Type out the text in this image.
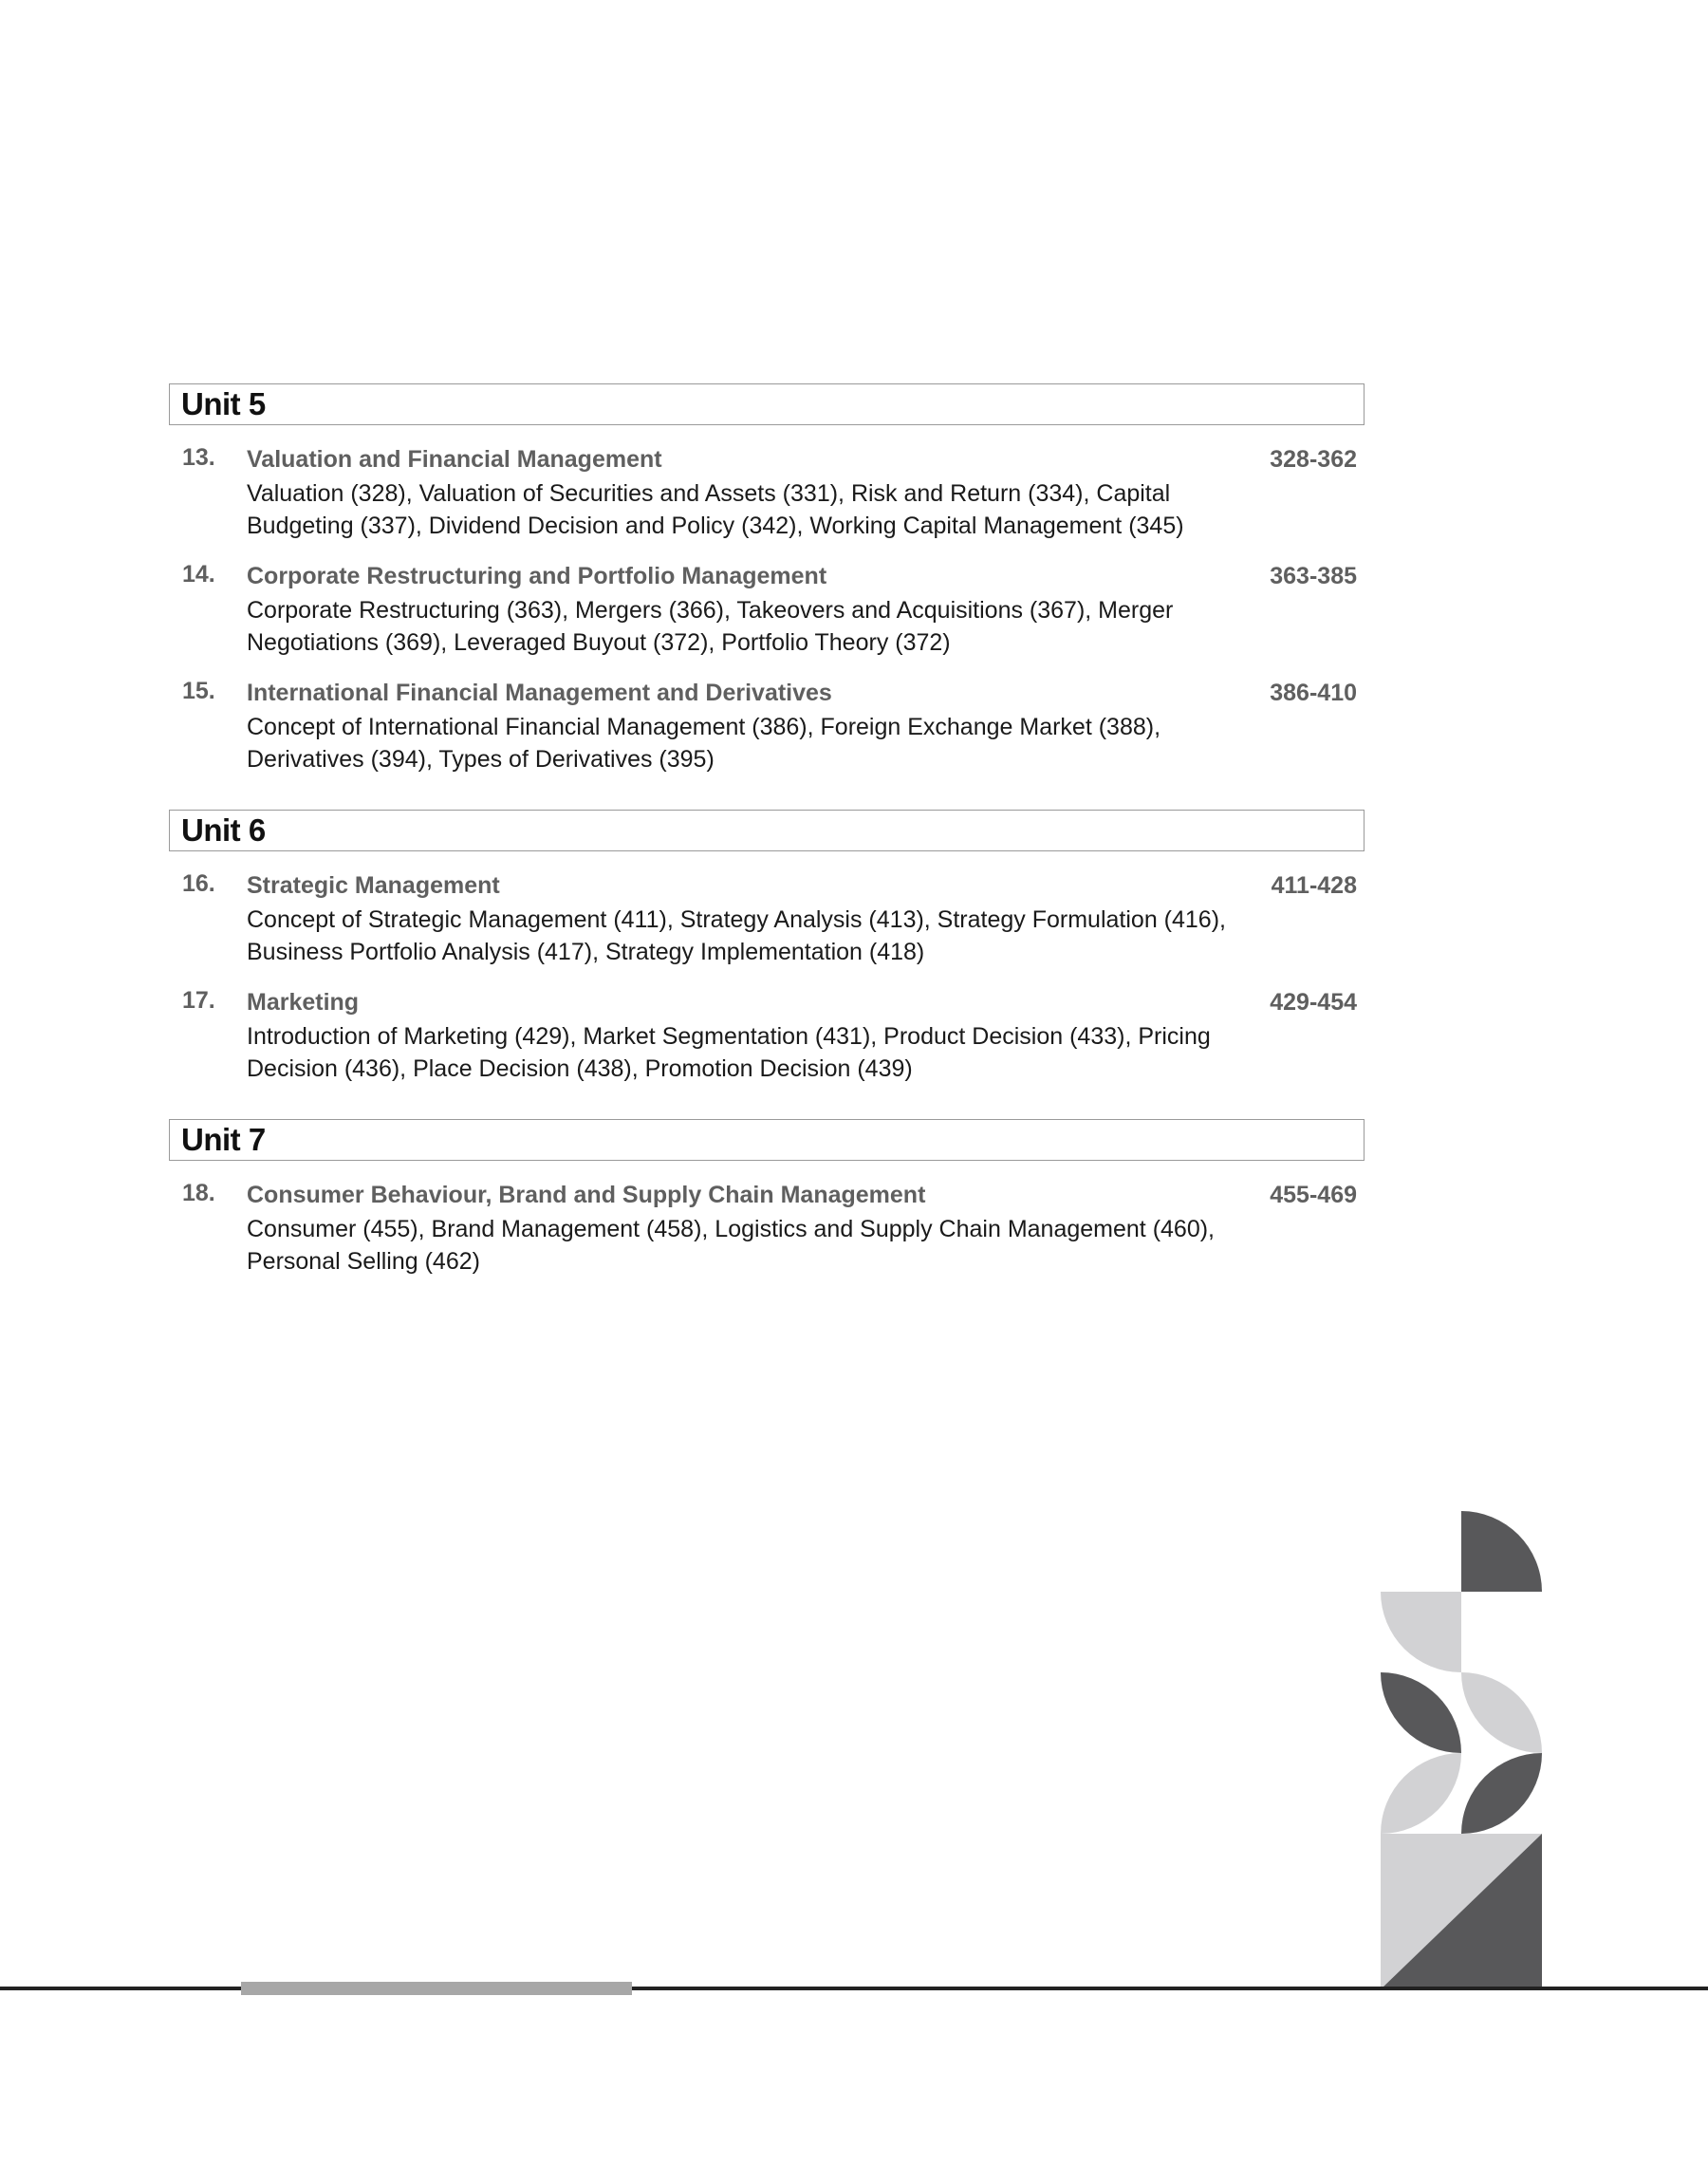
Unit 5
13. Valuation and Financial Management	328-362
Valuation (328), Valuation of Securities and Assets (331), Risk and Return (334), Capital Budgeting (337), Dividend Decision and Policy (342), Working Capital Management (345)
14. Corporate Restructuring and Portfolio Management	363-385
Corporate Restructuring (363), Mergers (366), Takeovers and Acquisitions (367), Merger Negotiations (369), Leveraged Buyout (372), Portfolio Theory (372)
15. International Financial Management and Derivatives	386-410
Concept of International Financial Management (386), Foreign Exchange Market (388), Derivatives (394), Types of Derivatives (395)
Unit 6
16. Strategic Management	411-428
Concept of Strategic Management (411), Strategy Analysis (413), Strategy Formulation (416), Business Portfolio Analysis (417), Strategy Implementation (418)
17. Marketing	429-454
Introduction of Marketing (429), Market Segmentation (431), Product Decision (433), Pricing Decision (436), Place Decision (438), Promotion Decision (439)
Unit 7
18. Consumer Behaviour, Brand and Supply Chain Management	455-469
Consumer (455), Brand Management (458), Logistics and Supply Chain Management (460), Personal Selling (462)
